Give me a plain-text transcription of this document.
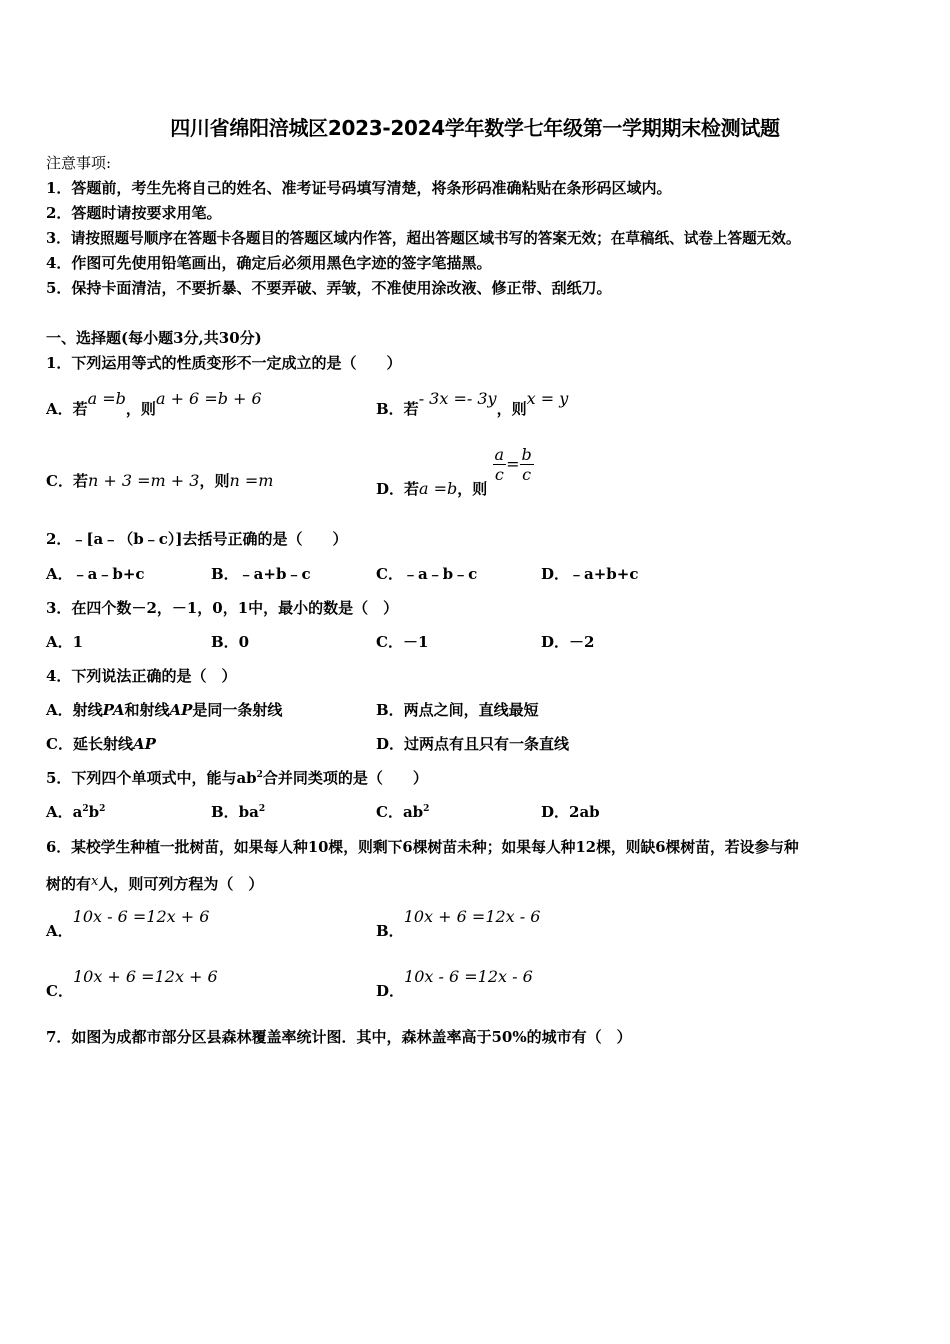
四川省绵阳涪城区2023-2024学年数学七年级第一学期期末检测试题
注意事项:
1．答题前，考生先将自己的姓名、准考证号码填写清楚，将条形码准确粘贴在条形码区域内。
2．答题时请按要求用笔。
3．请按照题号顺序在答题卡各题目的答题区域内作答，超出答题区域书写的答案无效；在草稿纸、试卷上答题无效。
4．作图可先使用铅笔画出，确定后必须用黑色字迹的签字笔描黑。
5．保持卡面清洁，不要折暴、不要弄破、弄皱，不准使用涂改液、修正带、刮纸刀。
一、选择题(每小题3分,共30分)
1．下列运用等式的性质变形不一定成立的是（　　）
A．若a =b，则a + 6 =b + 6
B．若- 3x =- 3y，则x = y
C．若n + 3 =m + 3，则n =m	D．若a =b，则
$\frac{a}{c} = \frac{b}{c}$
2．﹣[a﹣（b﹣c）]去括号正确的是（　　）
A．﹣a﹣b+c	B．﹣a+b﹣c	C．﹣a﹣b﹣c	D．﹣a+b+c
3．在四个数－2，－1，0，1中，最小的数是（　）
A．1	B．0	C．－1	D．－2
4．下列说法正确的是（　）
A．射线PA和射线AP是同一条射线	B．两点之间，直线最短
C．延长射线AP	D．过两点有且只有一条直线
5．下列四个单项式中，能与$ab^2$合并同类项的是（　　）
A．$a^2b^2$	B．$ba^2$	C．$ab^2$	D．2ab
6．某校学生种植一批树苗，如果每人种10棵，则剩下6棵树苗未种；如果每人种12棵，则缺6棵树苗，若设参与种
树的有x人，则可列方程为（　）
A．10x - 6 =12x + 6
B．10x + 6 =12x - 6
C．10x + 6 =12x + 6
D．10x - 6 =12x - 6
7．如图为成都市部分区县森林覆盖率统计图．其中，森林盖率高于50%的城市有（　）
